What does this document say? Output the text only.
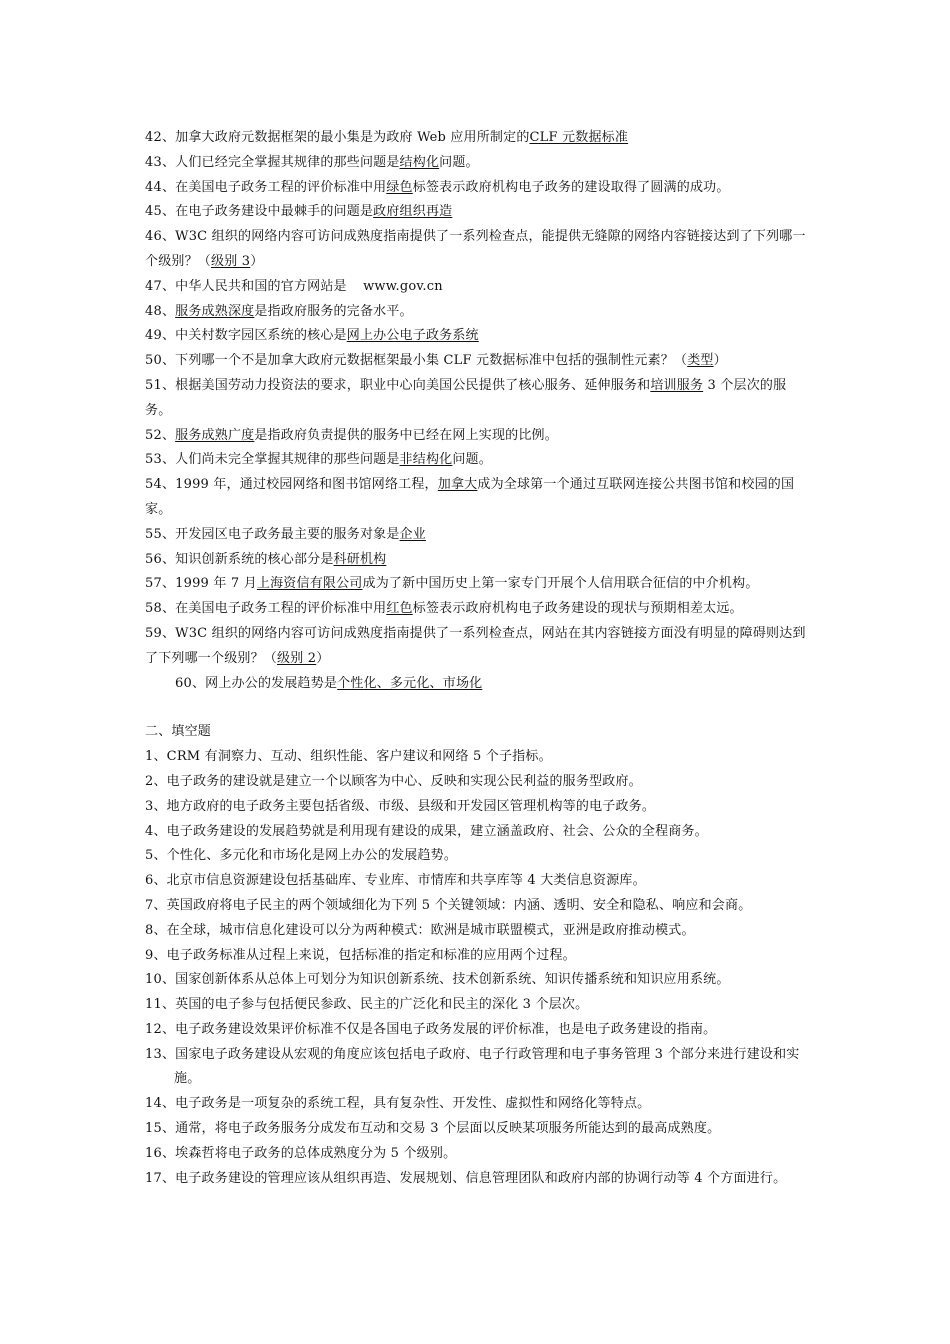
42、加拿大政府元数据框架的最小集是为政府 Web 应用所制定的CLF 元数据标准
43、人们已经完全掌握其规律的那些问题是结构化问题。
44、在美国电子政务工程的评价标准中用绿色标签表示政府机构电子政务的建设取得了圆满的成功。
45、在电子政务建设中最棘手的问题是政府组织再造
46、W3C 组织的网络内容可访问成熟度指南提供了一系列检查点，能提供无缝隙的网络内容链接达到了下列哪一个级别？（级别 3）
47、中华人民共和国的官方网站是 www.gov.cn
48、服务成熟深度是指政府服务的完备水平。
49、中关村数字园区系统的核心是网上办公电子政务系统
50、下列哪一个不是加拿大政府元数据框架最小集 CLF 元数据标准中包括的强制性元素？（类型）
51、根据美国劳动力投资法的要求，职业中心向美国公民提供了核心服务、延伸服务和培训服务 3 个层次的服务。
52、服务成熟广度是指政府负责提供的服务中已经在网上实现的比例。
53、人们尚未完全掌握其规律的那些问题是非结构化问题。
54、1999 年，通过校园网络和图书馆网络工程，加拿大成为全球第一个通过互联网连接公共图书馆和校园的国家。
55、开发园区电子政务最主要的服务对象是企业
56、知识创新系统的核心部分是科研机构
57、1999 年 7 月上海资信有限公司成为了新中国历史上第一家专门开展个人信用联合征信的中介机构。
58、在美国电子政务工程的评价标准中用红色标签表示政府机构电子政务建设的现状与预期相差太远。
59、W3C 组织的网络内容可访问成熟度指南提供了一系列检查点，网站在其内容链接方面没有明显的障碍则达到了下列哪一个级别？（级别 2）
60、网上办公的发展趋势是个性化、多元化、市场化
二、填空题
1、CRM 有洞察力、互动、组织性能、客户建议和网络 5 个子指标。
2、电子政务的建设就是建立一个以顾客为中心、反映和实现公民利益的服务型政府。
3、地方政府的电子政务主要包括省级、市级、县级和开发园区管理机构等的电子政务。
4、电子政务建设的发展趋势就是利用现有建设的成果，建立涵盖政府、社会、公众的全程商务。
5、个性化、多元化和市场化是网上办公的发展趋势。
6、北京市信息资源建设包括基础库、专业库、市情库和共享库等 4 大类信息资源库。
7、英国政府将电子民主的两个领域细化为下列 5 个关键领域：内涵、透明、安全和隐私、响应和会商。
8、在全球，城市信息化建设可以分为两种模式：欧洲是城市联盟模式，亚洲是政府推动模式。
9、电子政务标准从过程上来说，包括标准的指定和标准的应用两个过程。
10、国家创新体系从总体上可划分为知识创新系统、技术创新系统、知识传播系统和知识应用系统。
11、英国的电子参与包括便民参政、民主的广泛化和民主的深化 3 个层次。
12、电子政务建设效果评价标准不仅是各国电子政务发展的评价标准，也是电子政务建设的指南。
13、国家电子政务建设从宏观的角度应该包括电子政府、电子行政管理和电子事务管理 3 个部分来进行建设和实施。
14、电子政务是一项复杂的系统工程，具有复杂性、开发性、虚拟性和网络化等特点。
15、通常，将电子政务服务分成发布互动和交易 3 个层面以反映某项服务所能达到的最高成熟度。
16、埃森哲将电子政务的总体成熟度分为 5 个级别。
17、电子政务建设的管理应该从组织再造、发展规划、信息管理团队和政府内部的协调行动等 4 个方面进行。
